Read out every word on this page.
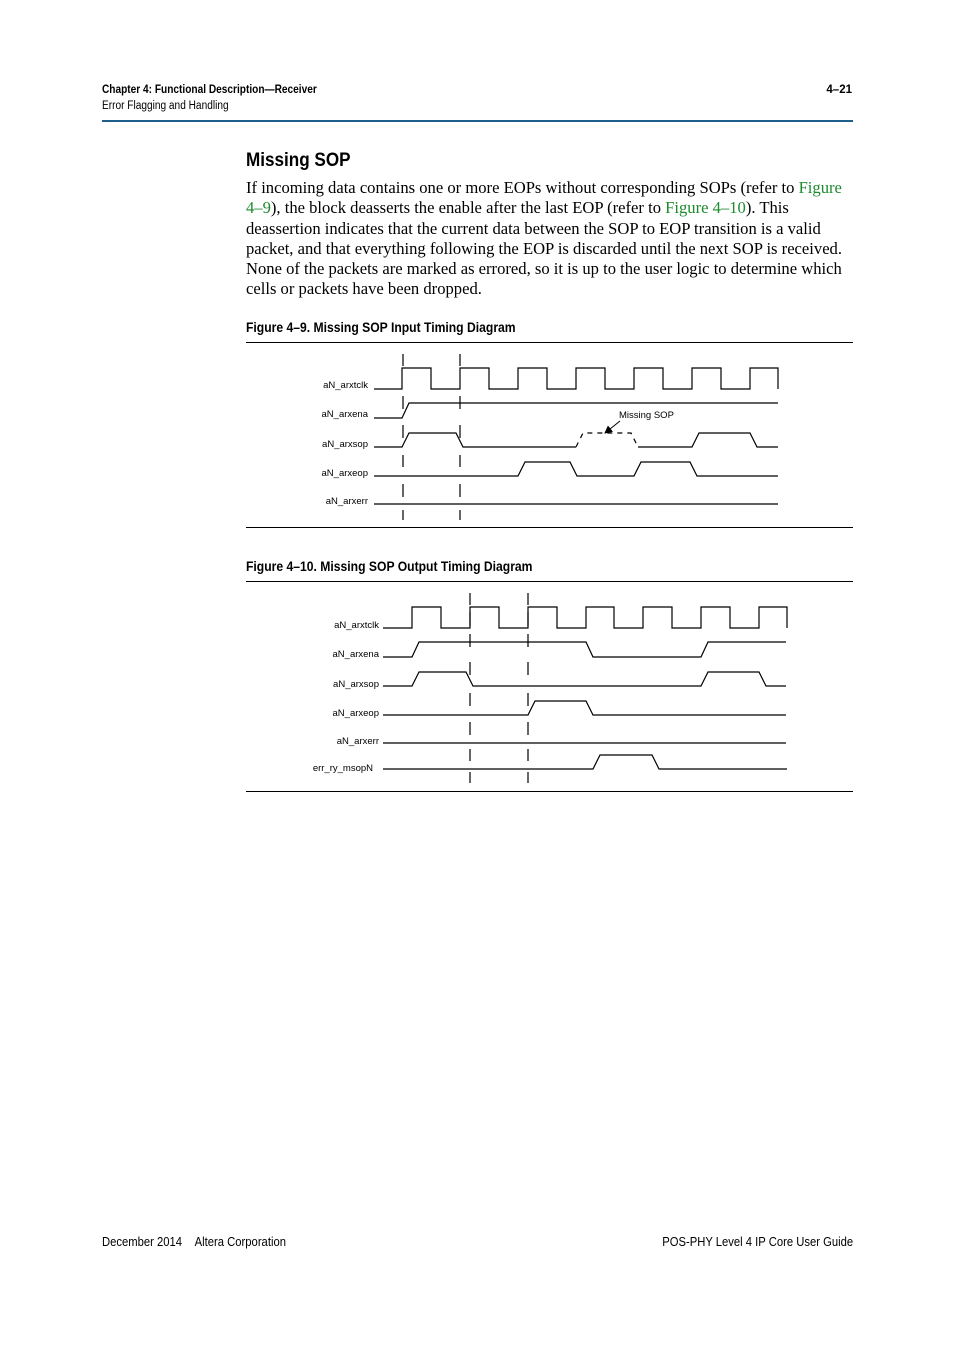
Chapter 4: Functional Description—Receiver
Error Flagging and Handling
4–21
Missing SOP

If incoming data contains one or more EOPs without corresponding SOPs (refer to Figure 4–9), the block deasserts the enable after the last EOP (refer to Figure 4–10). This deassertion indicates that the current data between the SOP to EOP transition is a valid packet, and that everything following the EOP is discarded until the next SOP is received. None of the packets are marked as errored, so it is up to the user logic to determine which cells or packets have been dropped.

Figure 4–9. Missing SOP Input Timing Diagram
Figure 4–10. Missing SOP Output Timing Diagram
aN_arxtclk
aN_arxena
aN_arxsop
aN_arxeop
aN_arxerr
Missing SOP
aN_arxtclk
aN_arxena
aN_arxsop
aN_arxeop
aN_arxerr
err_ry_msopN
December 2014 Altera Corporation	POS-PHY Level 4 IP Core User Guide
